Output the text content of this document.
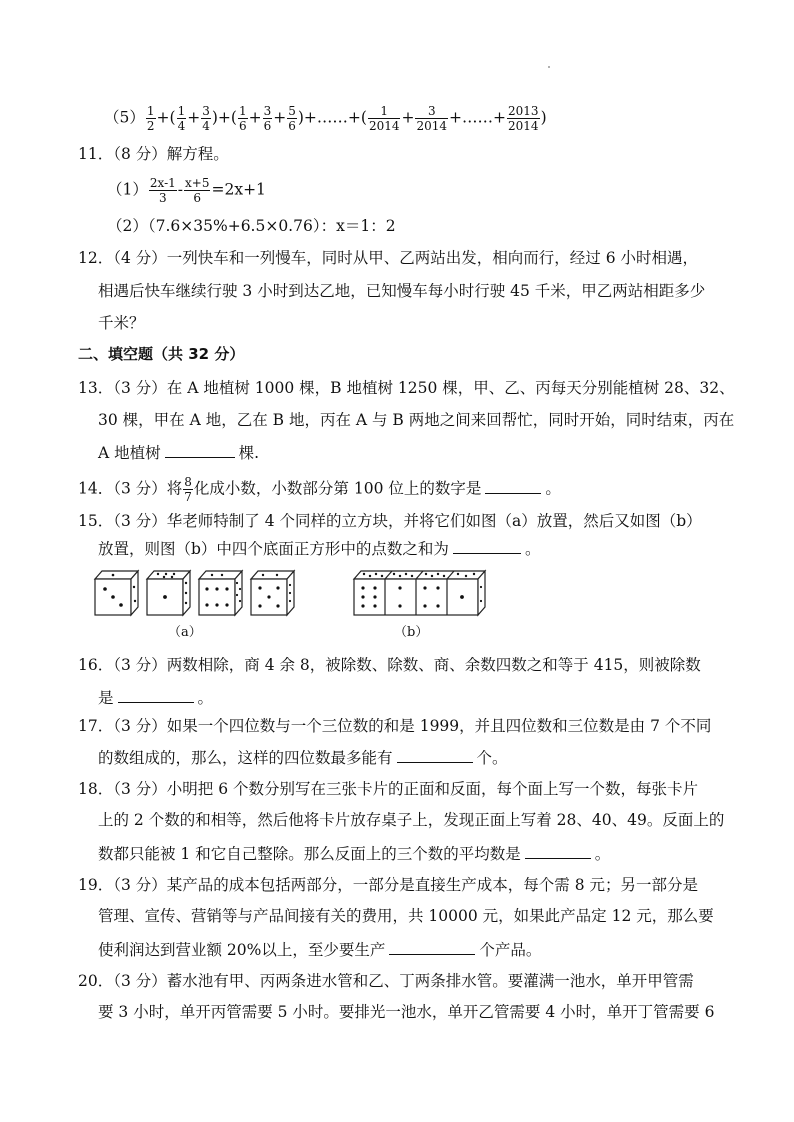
$(5) \frac{1}{2}$ +( $\frac{1}{4} + \frac{3}{4}$ )+( $\frac{1}{6} + \frac{3}{6} + \frac{5}{6}$ )+……+( $\frac{1}{2014} + \frac{3}{2014}$ +……+ $\frac{2013}{2014}$ )
11．（8 分）解方程。
$(1) \frac{2x-1}{3} - \frac{x+5}{6} =2x+1$
（2）（7.6×35%+6.5×0.76）：x＝1：2
12．（4 分）一列快车和一列慢车，同时从甲、乙两站出发，相向而行，经过 6 小时相遇，
相遇后快车继续行驶 3 小时到达乙地，已知慢车每小时行驶 45 千米，甲乙两站相距多少
千米？
二、填空题（共 32 分）
13．（3 分）在 A 地植树 1000 棵，B 地植树 1250 棵，甲、乙、丙每天分别能植树 28、32、
30 棵，甲在 A 地，乙在 B 地，丙在 A 与 B 两地之间来回帮忙，同时开始，同时结束，丙在
A 地植树	棵.
14．（3 分）将 $\frac{8}{7}$ 化成小数，小数部分第 100 位上的数字是	。
15．（3 分）华老师特制了 4 个同样的立方块，并将它们如图（a）放置，然后又如图（b）
放置，则图（b）中四个底面正方形中的点数之和为	。
（a）	（b）
16．（3 分）两数相除，商 4 余 8，被除数、除数、商、余数四数之和等于 415，则被除数
是	。
17．（3 分）如果一个四位数与一个三位数的和是 1999，并且四位数和三位数是由 7 个不同
的数组成的，那么，这样的四位数最多能有	个。
18．（3 分）小明把 6 个数分别写在三张卡片的正面和反面，每个面上写一个数，每张卡片
上的 2 个数的和相等，然后他将卡片放存桌子上，发现正面上写着 28、40、49。反面上的
数都只能被 1 和它自己整除。那么反面上的三个数的平均数是	。
19．（3 分）某产品的成本包括两部分，一部分是直接生产成本，每个需 8 元；另一部分是
管理、宣传、营销等与产品间接有关的费用，共 10000 元，如果此产品定 12 元，那么要
使利润达到营业额 20%以上，至少要生产	个产品。
20．（3 分）蓄水池有甲、丙两条进水管和乙、丁两条排水管。要灌满一池水，单开甲管需
要 3 小时，单开丙管需要 5 小时。要排光一池水，单开乙管需要 4 小时，单开丁管需要 6
